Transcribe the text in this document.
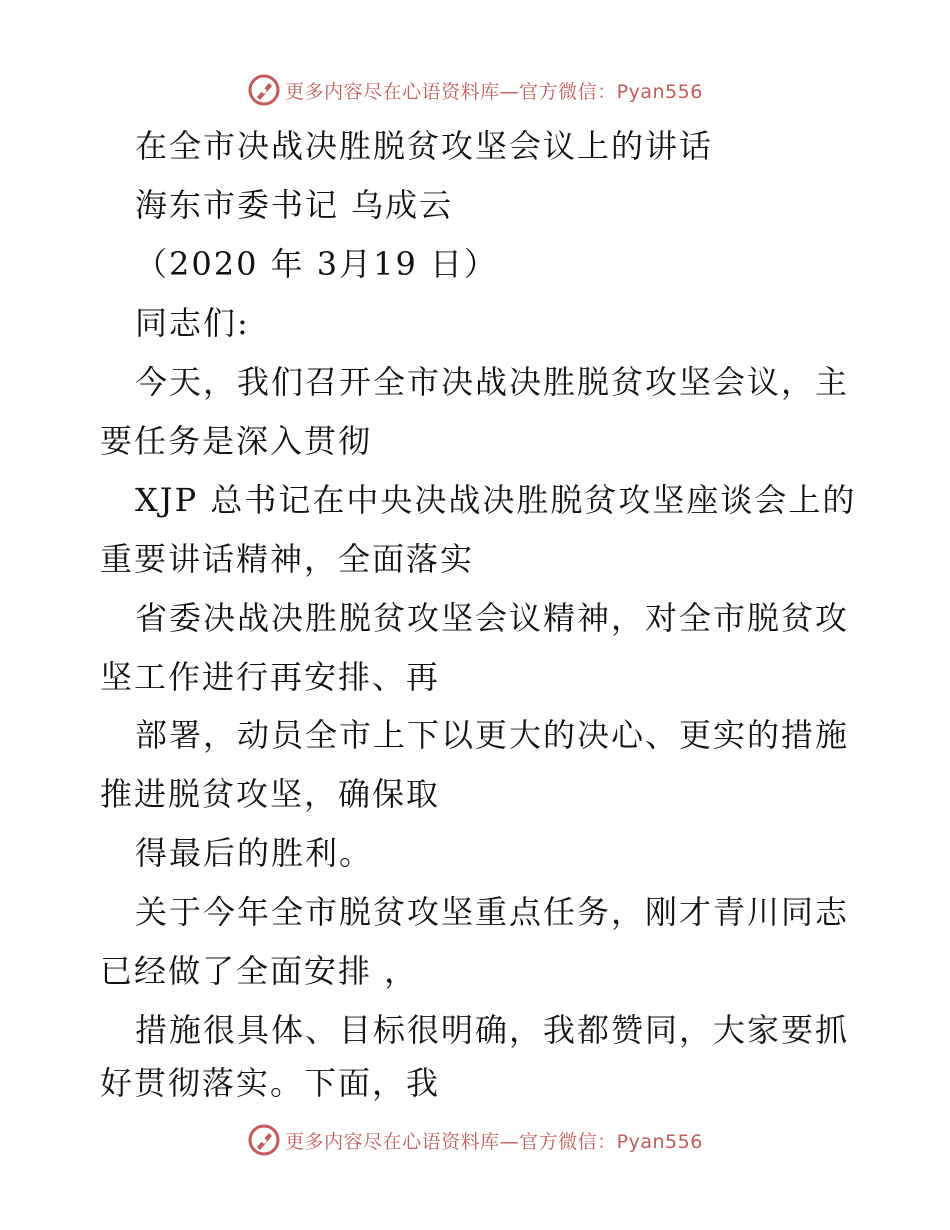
更多内容尽在心语资料库—官方微信：Pyan556
在全市决战决胜脱贫攻坚会议上的讲话
海东市委书记 乌成云
（2020 年 3月19 日）
同志们:
今天，我们召开全市决战决胜脱贫攻坚会议，主
要任务是深入贯彻
XJP 总书记在中央决战决胜脱贫攻坚座谈会上的
重要讲话精神，全面落实
省委决战决胜脱贫攻坚会议精神，对全市脱贫攻
坚工作进行再安排、再
部署，动员全市上下以更大的决心、更实的措施
推进脱贫攻坚，确保取
得最后的胜利。
关于今年全市脱贫攻坚重点任务，刚才青川同志
已经做了全面安排 ，
措施很具体、目标很明确，我都赞同，大家要抓
好贯彻落实。下面，我
更多内容尽在心语资料库—官方微信：Pyan556
